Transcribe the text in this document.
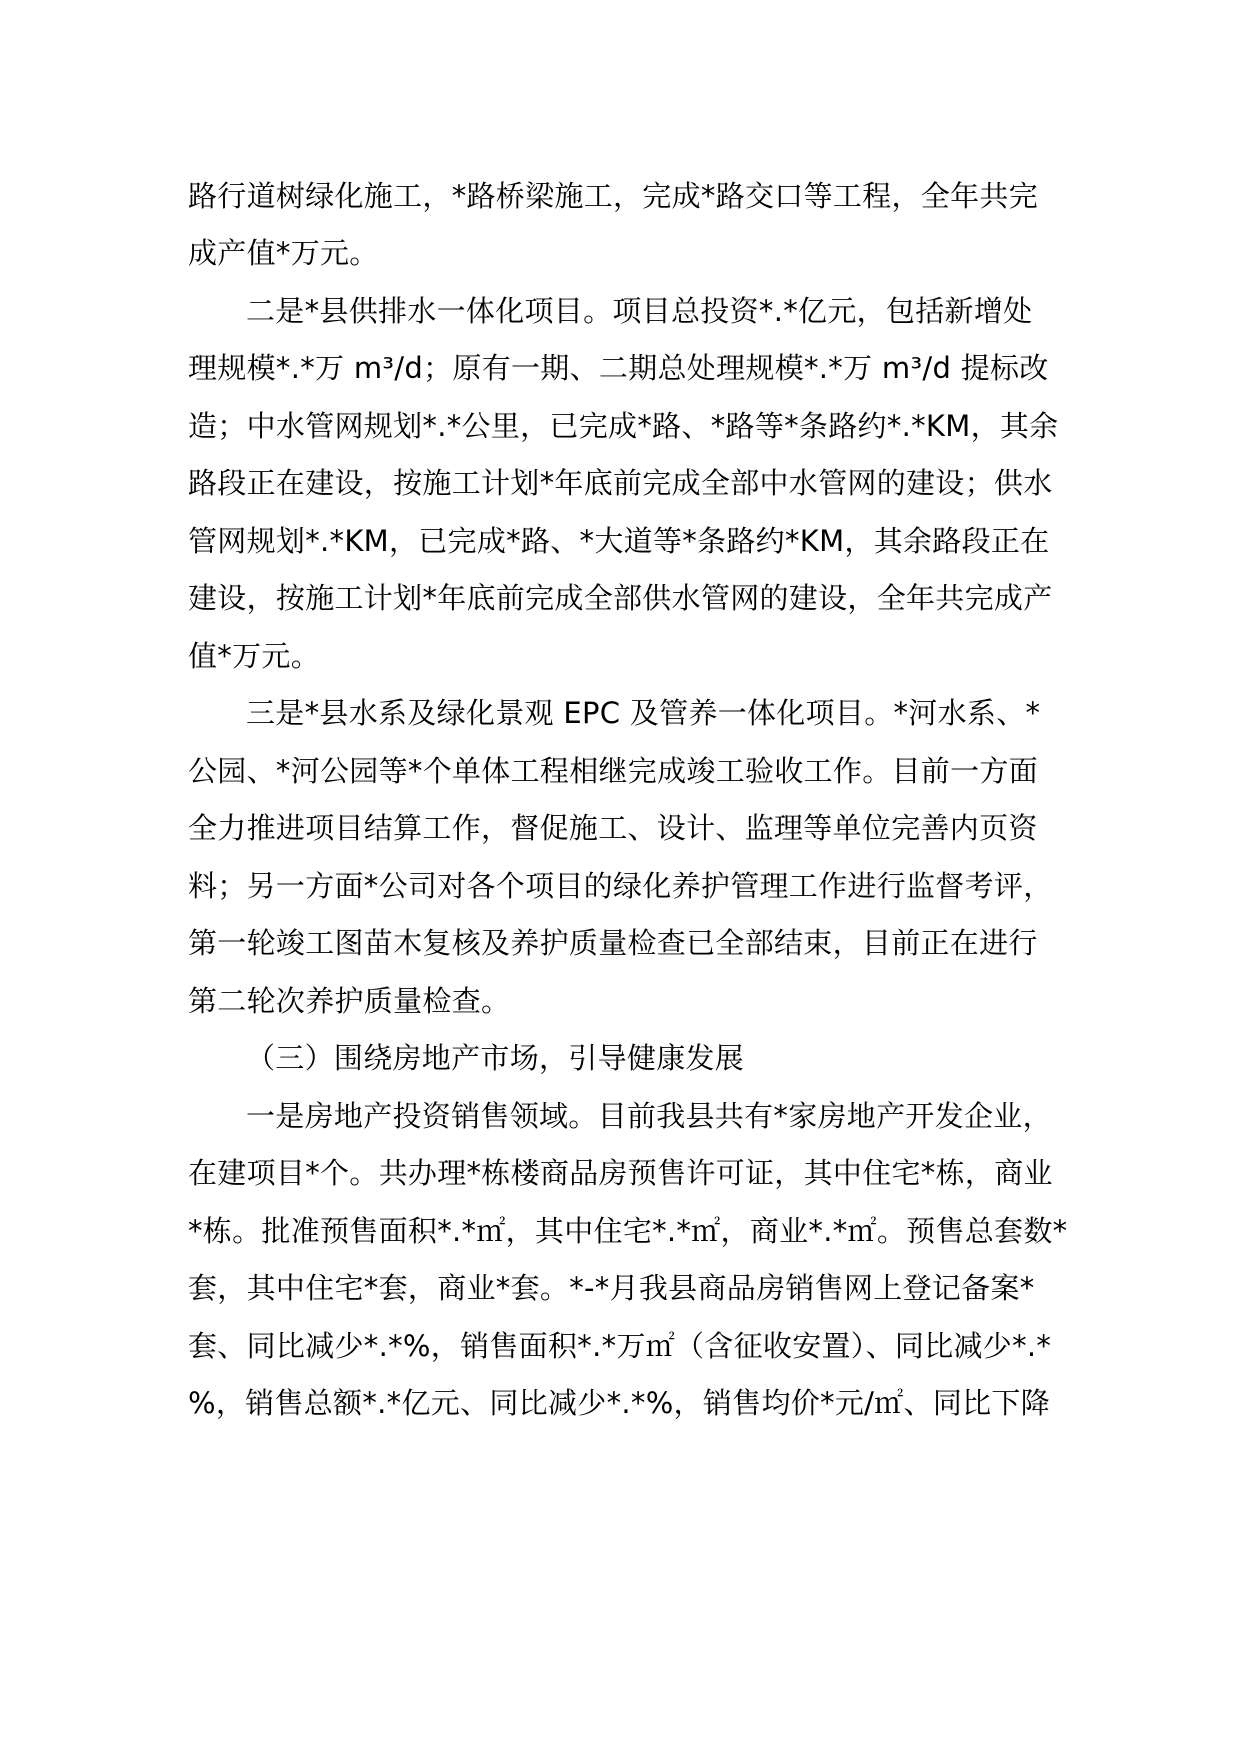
路行道树绿化施工，*路桥梁施工，完成*路交口等工程，全年共完
成产值*万元。
二是*县供排水一体化项目。项目总投资*.*亿元，包括新增处
理规模*.*万 m³/d；原有一期、二期总处理规模*.*万 m³/d 提标改
造；中水管网规划*.*公里，已完成*路、*路等*条路约*.*KM，其余
路段正在建设，按施工计划*年底前完成全部中水管网的建设；供水
管网规划*.*KM，已完成*路、*大道等*条路约*KM，其余路段正在
建设，按施工计划*年底前完成全部供水管网的建设，全年共完成产
值*万元。
三是*县水系及绿化景观 EPC 及管养一体化项目。*河水系、*
公园、*河公园等*个单体工程相继完成竣工验收工作。目前一方面
全力推进项目结算工作，督促施工、设计、监理等单位完善内页资
料；另一方面*公司对各个项目的绿化养护管理工作进行监督考评，
第一轮竣工图苗木复核及养护质量检查已全部结束，目前正在进行
第二轮次养护质量检查。
（三）围绕房地产市场，引导健康发展
一是房地产投资销售领域。目前我县共有*家房地产开发企业，
在建项目*个。共办理*栋楼商品房预售许可证，其中住宅*栋，商业
*栋。批准预售面积*.*㎡，其中住宅*.*㎡，商业*.*㎡。预售总套数*
套，其中住宅*套，商业*套。*-*月我县商品房销售网上登记备案*
套、同比减少*.*%，销售面积*.*万㎡（含征收安置）、同比减少*.*
%，销售总额*.*亿元、同比减少*.*%，销售均价*元/㎡、同比下降
